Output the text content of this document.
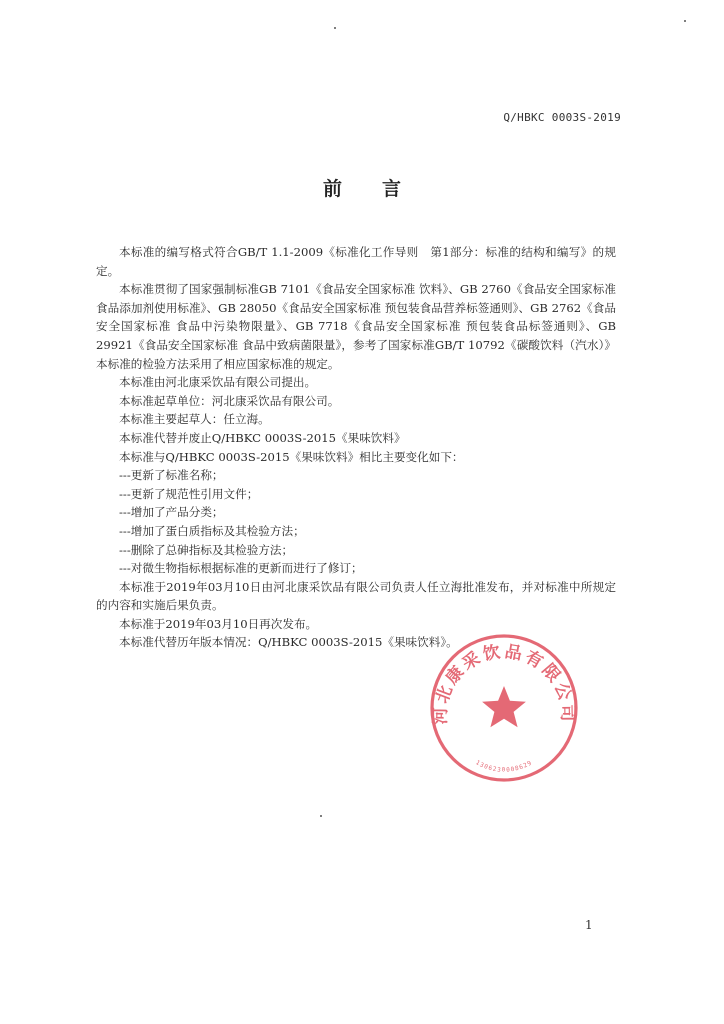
Q/HBKC 0003S-2019
前言

本标准的编写格式符合GB/T 1.1-2009《标准化工作导则　第1部分：标准的结构和编写》的规定。

本标准贯彻了国家强制标准GB 7101《食品安全国家标准 饮料》、GB 2760《食品安全国家标准 食品添加剂使用标准》、GB 28050《食品安全国家标准 预包装食品营养标签通则》、GB 2762《食品安全国家标准 食品中污染物限量》、GB 7718《食品安全国家标准 预包装食品标签通则》、GB 29921《食品安全国家标准 食品中致病菌限量》，参考了国家标准GB/T 10792《碳酸饮料（汽水）》本标准的检验方法采用了相应国家标准的规定。

本标准由河北康采饮品有限公司提出。

本标准起草单位：河北康采饮品有限公司。

本标准主要起草人：任立海。

本标准代替并废止Q/HBKC 0003S-2015《果味饮料》

本标准与Q/HBKC 0003S-2015《果味饮料》相比主要变化如下：

---更新了标准名称；
---更新了规范性引用文件；
---增加了产品分类；
---增加了蛋白质指标及其检验方法；
---删除了总砷指标及其检验方法；
---对微生物指标根据标准的更新而进行了修订；

本标准于2019年03月10日由河北康采饮品有限公司负责人任立海批准发布，并对标准中所规定的内容和实施后果负责。

本标准于2019年03月10日再次发布。

本标准代替历年版本情况：Q/HBKC 0003S-2015《果味饮料》。

河北康采饮品有限公司
1306230008629
1
